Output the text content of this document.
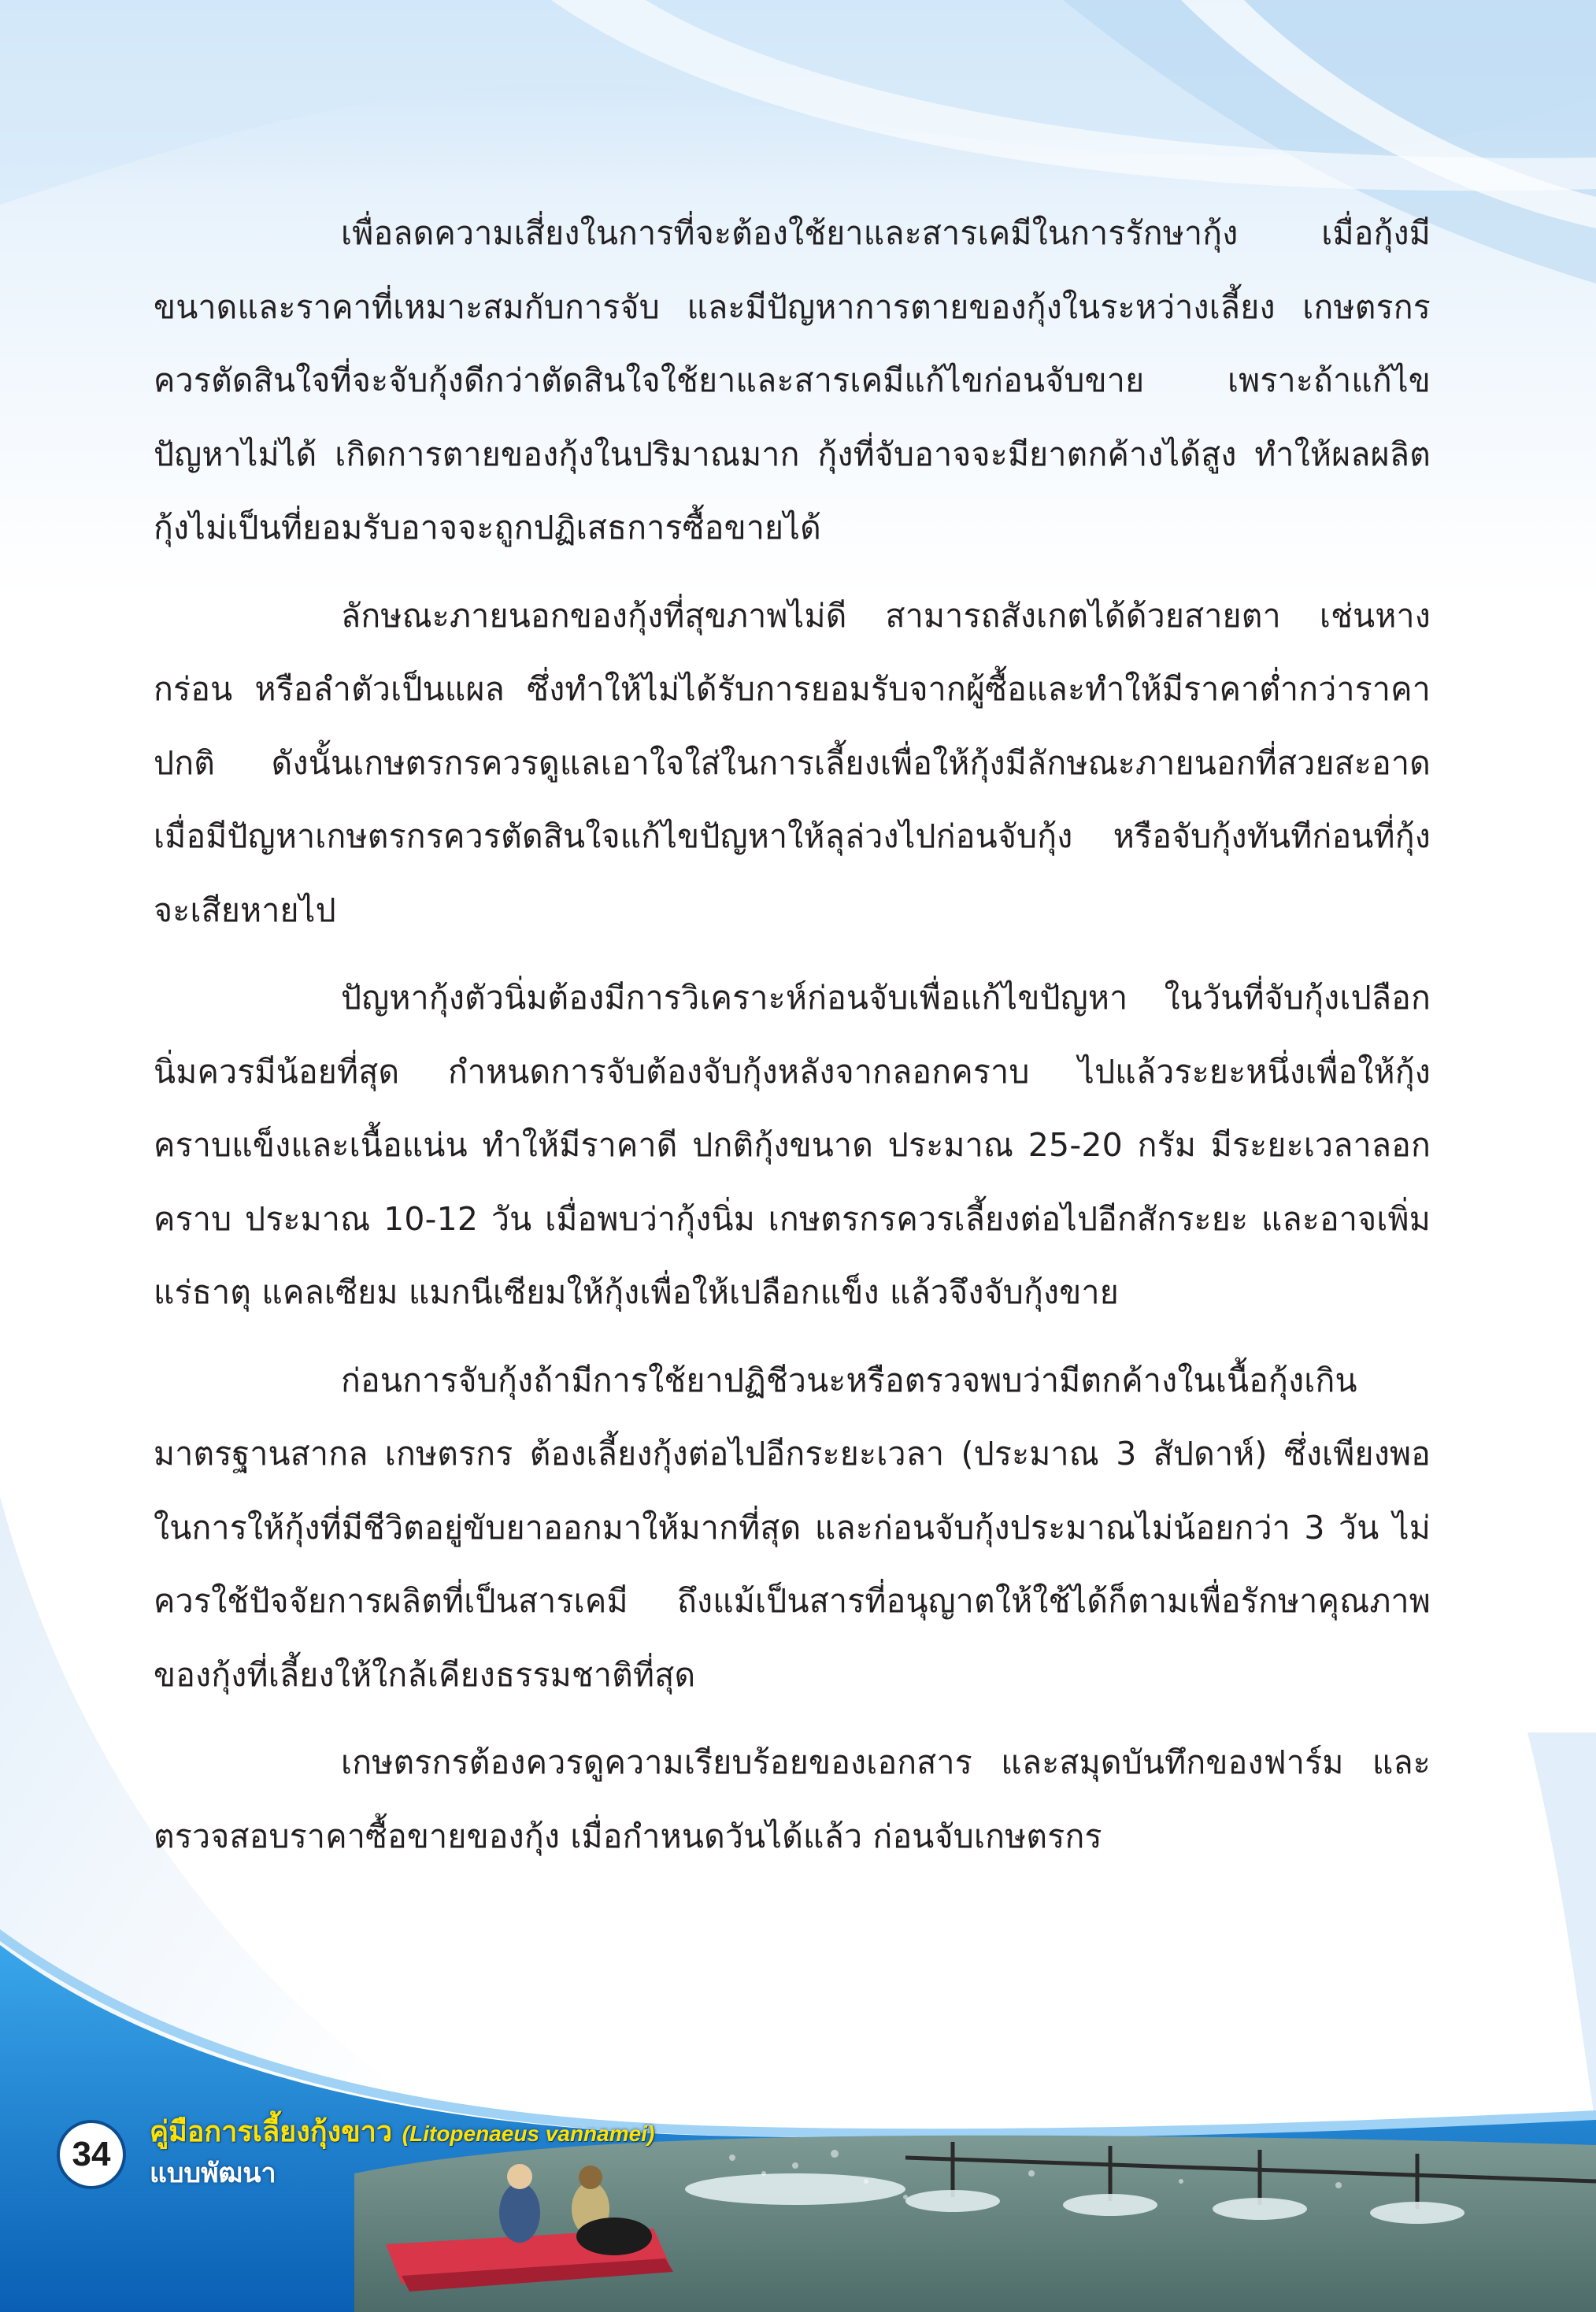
เพื่อลดความเสี่ยงในการที่จะต้องใช้ยาและสารเคมีในการรักษากุ้ง เมื่อกุ้งมีขนาดและราคาที่เหมาะสมกับการจับ และมีปัญหาการตายของกุ้งในระหว่างเลี้ยง เกษตรกรควรตัดสินใจที่จะจับกุ้งดีกว่าตัดสินใจใช้ยาและสารเคมีแก้ไขก่อนจับขาย เพราะถ้าแก้ไขปัญหาไม่ได้ เกิดการตายของกุ้งในปริมาณมาก กุ้งที่จับอาจจะมียาตกค้างได้สูง ทำให้ผลผลิตกุ้งไม่เป็นที่ยอมรับอาจจะถูกปฏิเสธการซื้อขายได้

ลักษณะภายนอกของกุ้งที่สุขภาพไม่ดี สามารถสังเกตได้ด้วยสายตา เช่นหางกร่อน หรือลำตัวเป็นแผล ซึ่งทำให้ไม่ได้รับการยอมรับจากผู้ซื้อและทำให้มีราคาต่ำกว่าราคาปกติ ดังนั้นเกษตรกรควรดูแลเอาใจใส่ในการเลี้ยงเพื่อให้กุ้งมีลักษณะภายนอกที่สวยสะอาด เมื่อมีปัญหาเกษตรกรควรตัดสินใจแก้ไขปัญหาให้ลุล่วงไปก่อนจับกุ้ง หรือจับกุ้งทันทีก่อนที่กุ้งจะเสียหายไป

ปัญหากุ้งตัวนิ่มต้องมีการวิเคราะห์ก่อนจับเพื่อแก้ไขปัญหา ในวันที่จับกุ้งเปลือกนิ่มควรมีน้อยที่สุด กำหนดการจับต้องจับกุ้งหลังจากลอกคราบ ไปแล้วระยะหนึ่งเพื่อให้กุ้งคราบแข็งและเนื้อแน่น ทำให้มีราคาดี ปกติกุ้งขนาด ประมาณ 25-20 กรัม มีระยะเวลาลอกคราบ ประมาณ 10-12 วัน เมื่อพบว่ากุ้งนิ่ม เกษตรกรควรเลี้ยงต่อไปอีกสักระยะ และอาจเพิ่มแร่ธาตุ แคลเซียม แมกนีเซียมให้กุ้งเพื่อให้เปลือกแข็ง แล้วจึงจับกุ้งขาย

ก่อนการจับกุ้งถ้ามีการใช้ยาปฏิชีวนะหรือตรวจพบว่ามีตกค้างในเนื้อกุ้งเกินมาตรฐานสากล เกษตรกร ต้องเลี้ยงกุ้งต่อไปอีกระยะเวลา (ประมาณ 3 สัปดาห์) ซึ่งเพียงพอในการให้กุ้งที่มีชีวิตอยู่ขับยาออกมาให้มากที่สุด และก่อนจับกุ้งประมาณไม่น้อยกว่า 3 วัน ไม่ควรใช้ปัจจัยการผลิตที่เป็นสารเคมี ถึงแม้เป็นสารที่อนุญาตให้ใช้ได้ก็ตามเพื่อรักษาคุณภาพของกุ้งที่เลี้ยงให้ใกล้เคียงธรรมชาติที่สุด

เกษตรกรต้องควรดูความเรียบร้อยของเอกสาร และสมุดบันทึกของฟาร์ม และตรวจสอบราคาซื้อขายของกุ้ง เมื่อกำหนดวันได้แล้ว ก่อนจับเกษตรกร

34
คู่มือการเลี้ยงกุ้งขาว (Litopenaeus vannamei)
แบบพัฒนา
